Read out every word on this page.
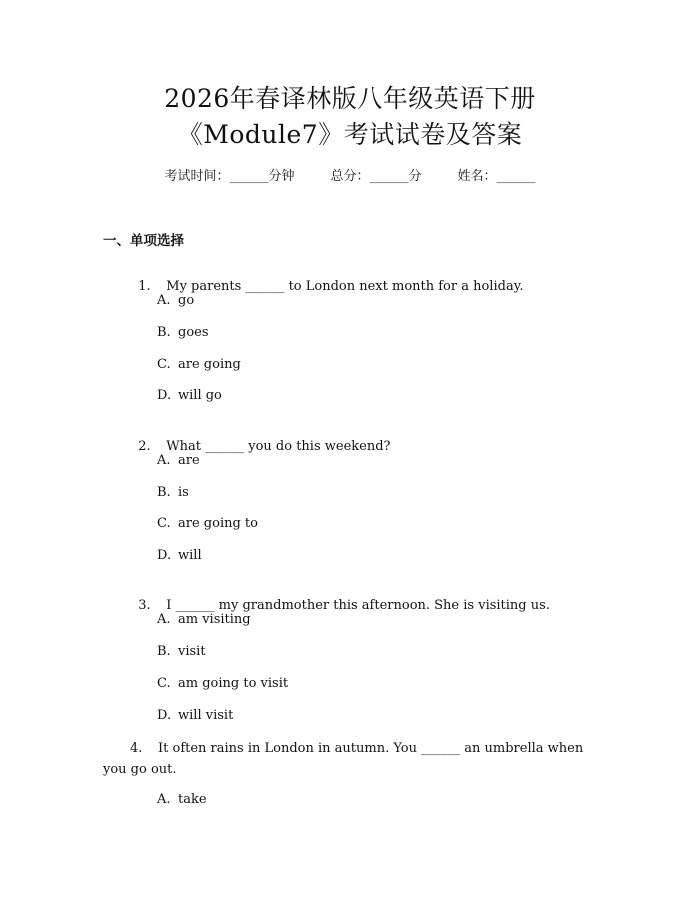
2026年春译林版八年级英语下册
《Module7》考试试卷及答案
考试时间：______分钟	总分：______分	姓名：______
一、单项选择

1. My parents ______ to London next month for a holiday.

A. go
B. goes
C. are going
D. will go

2. What ______ you do this weekend?

A. are
B. is
C. are going to
D. will

3. I ______ my grandmother this afternoon. She is visiting us.

A. am visiting
B. visit
C. am going to visit
D. will visit
4. It often rains in London in autumn. You ______ an umbrella when you go out.
A. take
